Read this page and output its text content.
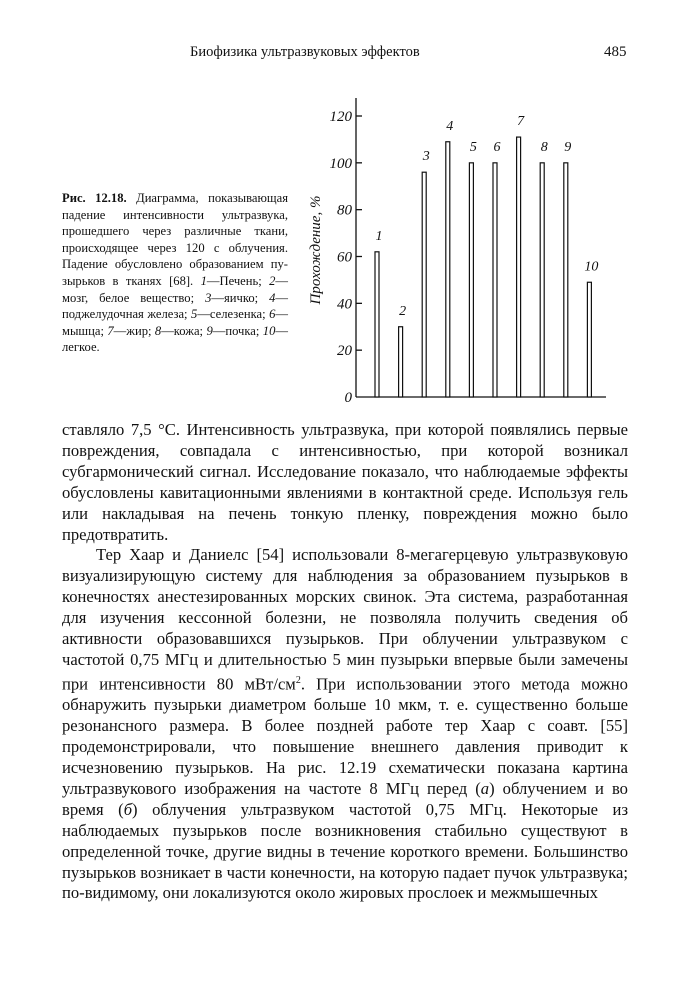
Биофизика ультразвуковых эффектов	485
Рис. 12.18. Диаграмма, показывающая падение интенсивности ультразвука, прошедшего через различные ткани, происходящее через 120 с облучения. Падение обусловлено образованием пузырьков в тканях [68]. 1—Печень; 2—мозг, белое вещество; 3—яичко; 4—поджелудочная железа; 5—селезенка; 6—мышца; 7—жир; 8—кожа; 9—почка; 10—легкое.
Прохождение, %
0
20
40
60
80
100
120
1
2
3
4
5 6
7
8 9
10

ставляло 7,5 °С. Интенсивность ультразвука, при которой появлялись первые повреждения, совпадала с интенсивностью, при которой возникал субгармонический сигнал. Исследование показало, что наблюдаемые эффекты обусловлены кавитационными явлениями в контактной среде. Используя гель или накладывая на печень тонкую пленку, повреждения можно было предотвратить.

Тер Хаар и Даниелс [54] использовали 8-мегагерцевую ультразвуковую визуализирующую систему для наблюдения за образованием пузырьков в конечностях анестезированных морских свинок. Эта система, разработанная для изучения кессонной болезни, не позволяла получить сведения об активности образовавшихся пузырьков. При облучении ультразвуком с частотой 0,75 МГц и длительностью 5 мин пузырьки впервые были замечены при интенсивности 80 мВт/$см^2$. При использовании этого метода можно обнаружить пузырьки диаметром больше 10 мкм, т. е. существенно больше резонансного размера. В более поздней работе тер Хаар с соавт. [55] продемонстрировали, что повышение внешнего давления приводит к исчезновению пузырьков. На рис. 12.19 схематически показана картина ультразвукового изображения на частоте 8 МГц перед (а) облучением и во время (б) облучения ультразвуком частотой 0,75 МГц. Некоторые из наблюдаемых пузырьков после возникновения стабильно существуют в определенной точке, другие видны в течение короткого времени. Большинство пузырьков возникает в части конечности, на которую падает пучок ультразвука; по-видимому, они локализуются около жировых прослоек и межмышечных
